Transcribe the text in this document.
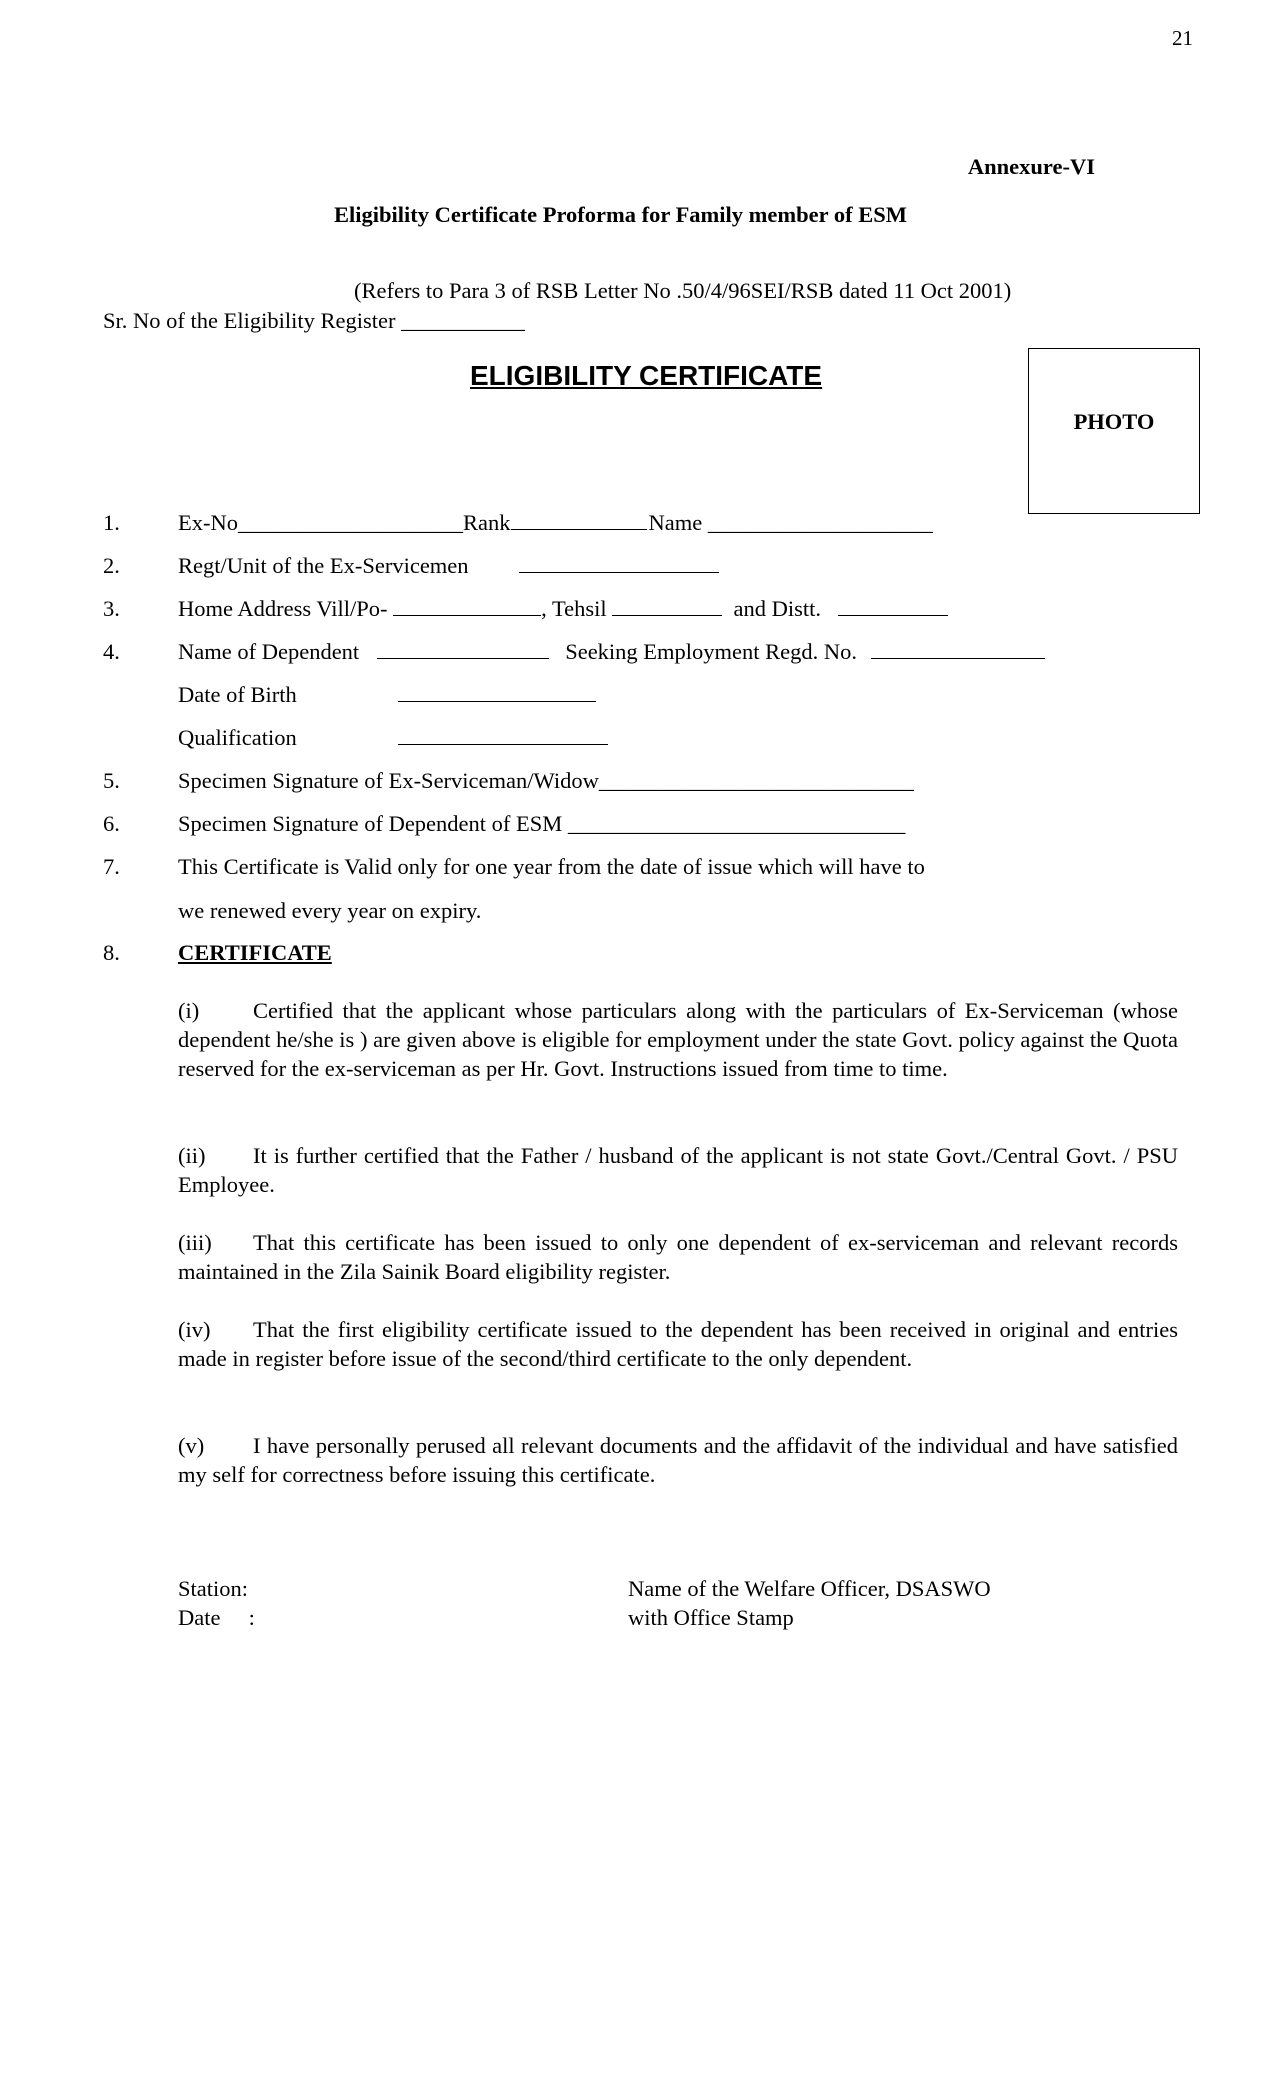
21
Annexure-VI
Eligibility Certificate Proforma for Family member of ESM
(Refers to Para 3 of RSB Letter No .50/4/96SEI/RSB dated 11 Oct 2001)
Sr. No of the Eligibility Register ___________
ELIGIBILITY CERTIFICATE
PHOTO
1.	Ex-No____________________Rank	Name ____________________
2.	Regt/Unit of the Ex-Servicemen
3.	Home Address Vill/Po-	, Tehsil	and Distt.
4.	Name of Dependent	Seeking Employment Regd. No.
Date of Birth
Qualification
5.	Specimen Signature of Ex-Serviceman/Widow____________________________
6.	Specimen Signature of Dependent of ESM ______________________________
7.	This Certificate is Valid only for one year from the date of issue which will have to
we renewed every year on expiry.
8.	CERTIFICATE
(i) Certified that the applicant whose particulars along with the particulars of Ex-Serviceman (whose dependent he/she is ) are given above is eligible for employment under the state Govt. policy against the Quota reserved for the ex-serviceman as per Hr. Govt. Instructions issued from time to time.
(ii) It is further certified that the Father / husband of the applicant is not state Govt./Central Govt. / PSU Employee.
(iii) That this certificate has been issued to only one dependent of ex-serviceman and relevant records maintained in the Zila Sainik Board eligibility register.
(iv) That the first eligibility certificate issued to the dependent has been received in original and entries made in register before issue of the second/third certificate to the only dependent.
(v) I have personally perused all relevant documents and the affidavit of the individual and have satisfied my self for correctness before issuing this certificate.
Station:
Date     :
Name of the Welfare Officer, DSASWO
with Office Stamp
